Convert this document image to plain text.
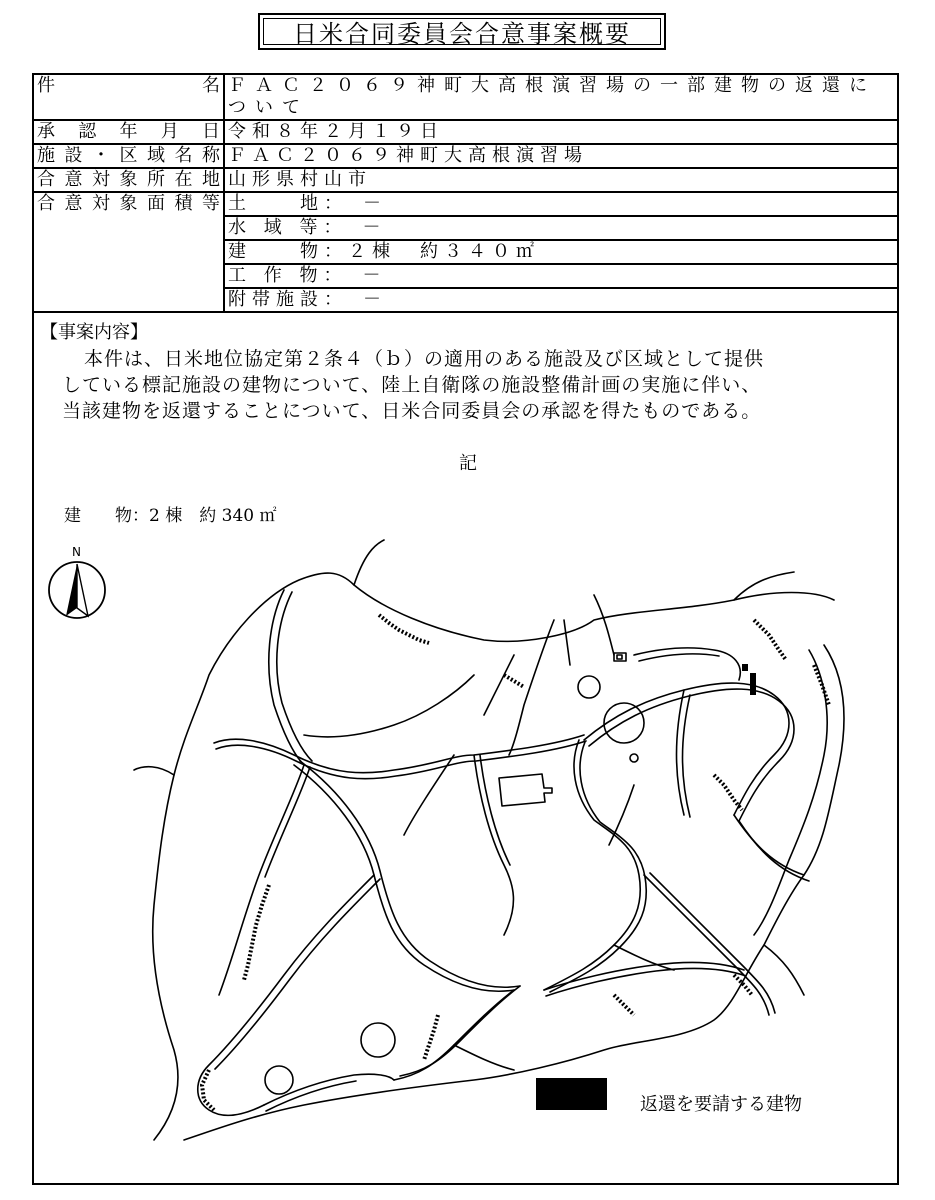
日米合同委員会合意事案概要
件名	ＦＡＣ２０６９神町大高根演習場の一部建物の返還について
承認年月日	令和８年２月１９日
施設・区域名称	ＦＡＣ２０６９神町大高根演習場
合意対象所在地	山形県村山市
合意対象面積等	土　　地：　－
	水 域 等：　－
	建　　物：２棟　約３４０㎡
	工 作 物：　－
	附帯施設：　－
【事案内容】
本件は、日米地位協定第２条４（ｂ）の適用のある施設及び区域として提供
している標記施設の建物について、陸上自衛隊の施設整備計画の実施に伴い、
当該建物を返還することについて、日米合同委員会の承認を得たものである。
記
建　　物：2 棟　約 340 ㎡
N
返還を要請する建物
